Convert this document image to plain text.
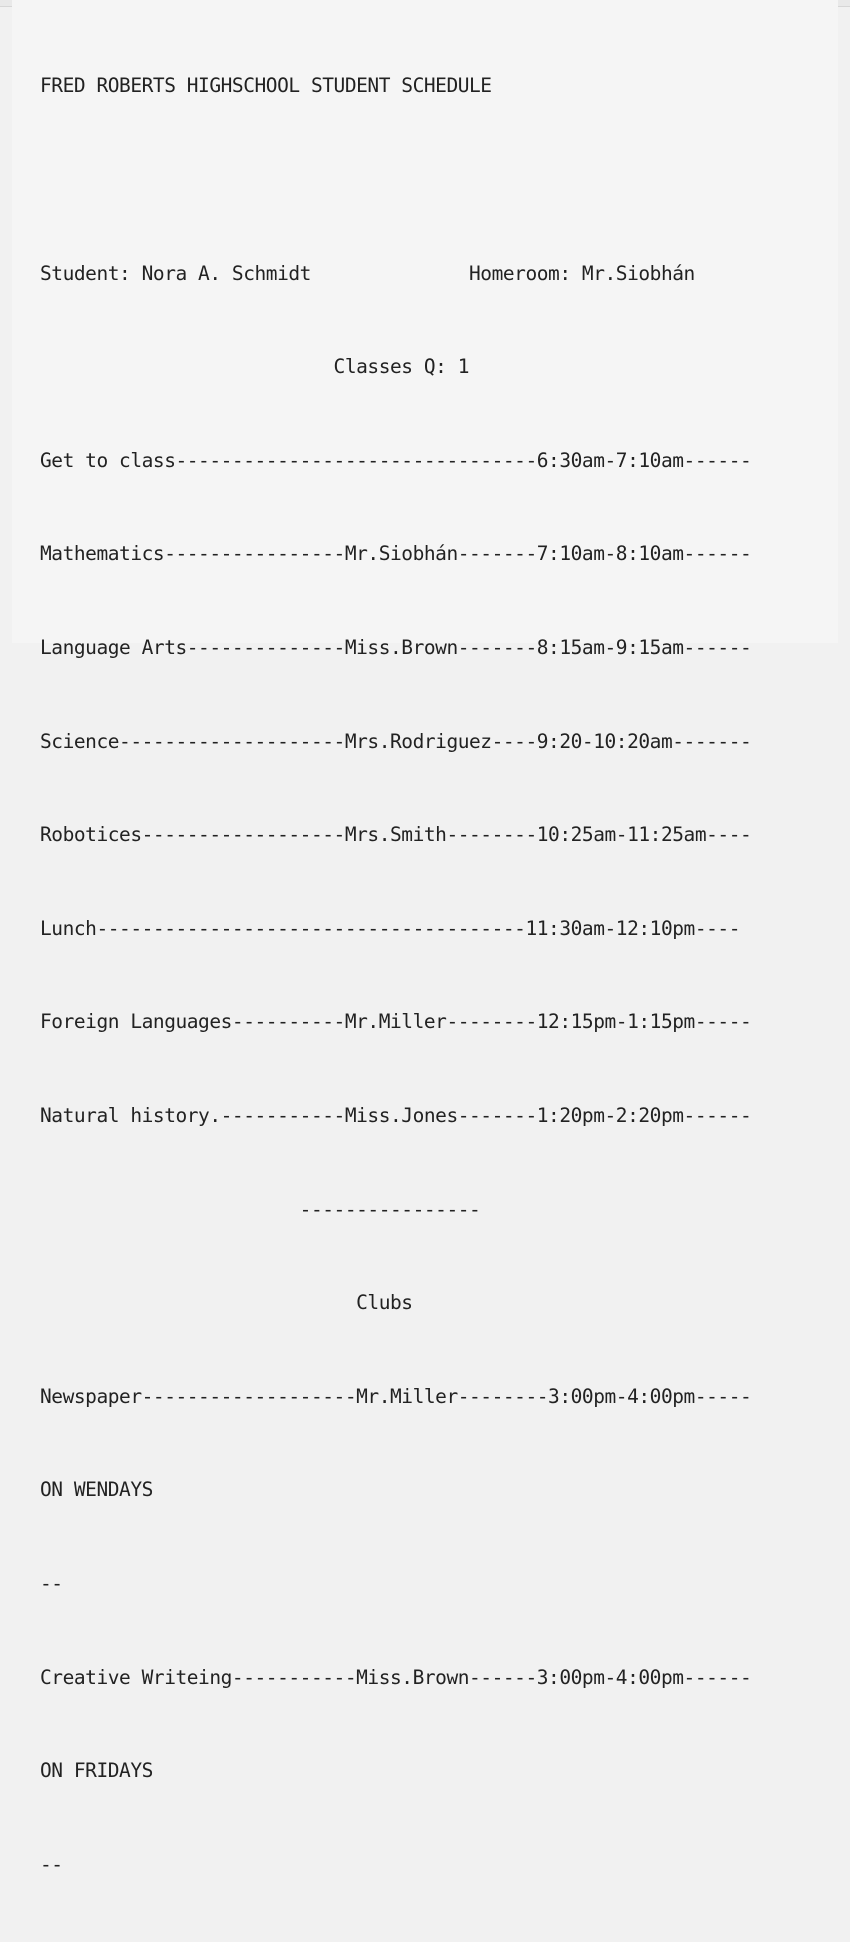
FRED ROBERTS HIGHSCHOOL STUDENT SCHEDULE

Student: Nora A. Schmidt              Homeroom: Mr.Siobhán

Classes Q: 1

Get to class--------------------------------6:30am-7:10am------

Mathematics----------------Mr.Siobhán-------7:10am-8:10am------

Language Arts--------------Miss.Brown-------8:15am-9:15am------

Science--------------------Mrs.Rodriguez----9:20-10:20am-------

Robotices------------------Mrs.Smith--------10:25am-11:25am----

Lunch--------------------------------------11:30am-12:10pm----

Foreign Languages----------Mr.Miller--------12:15pm-1:15pm-----

Natural history.-----------Miss.Jones-------1:20pm-2:20pm------

----------------

Clubs

Newspaper-------------------Mr.Miller--------3:00pm-4:00pm-----

ON WENDAYS

--

Creative Writeing-----------Miss.Brown------3:00pm-4:00pm------

ON FRIDAYS

--
